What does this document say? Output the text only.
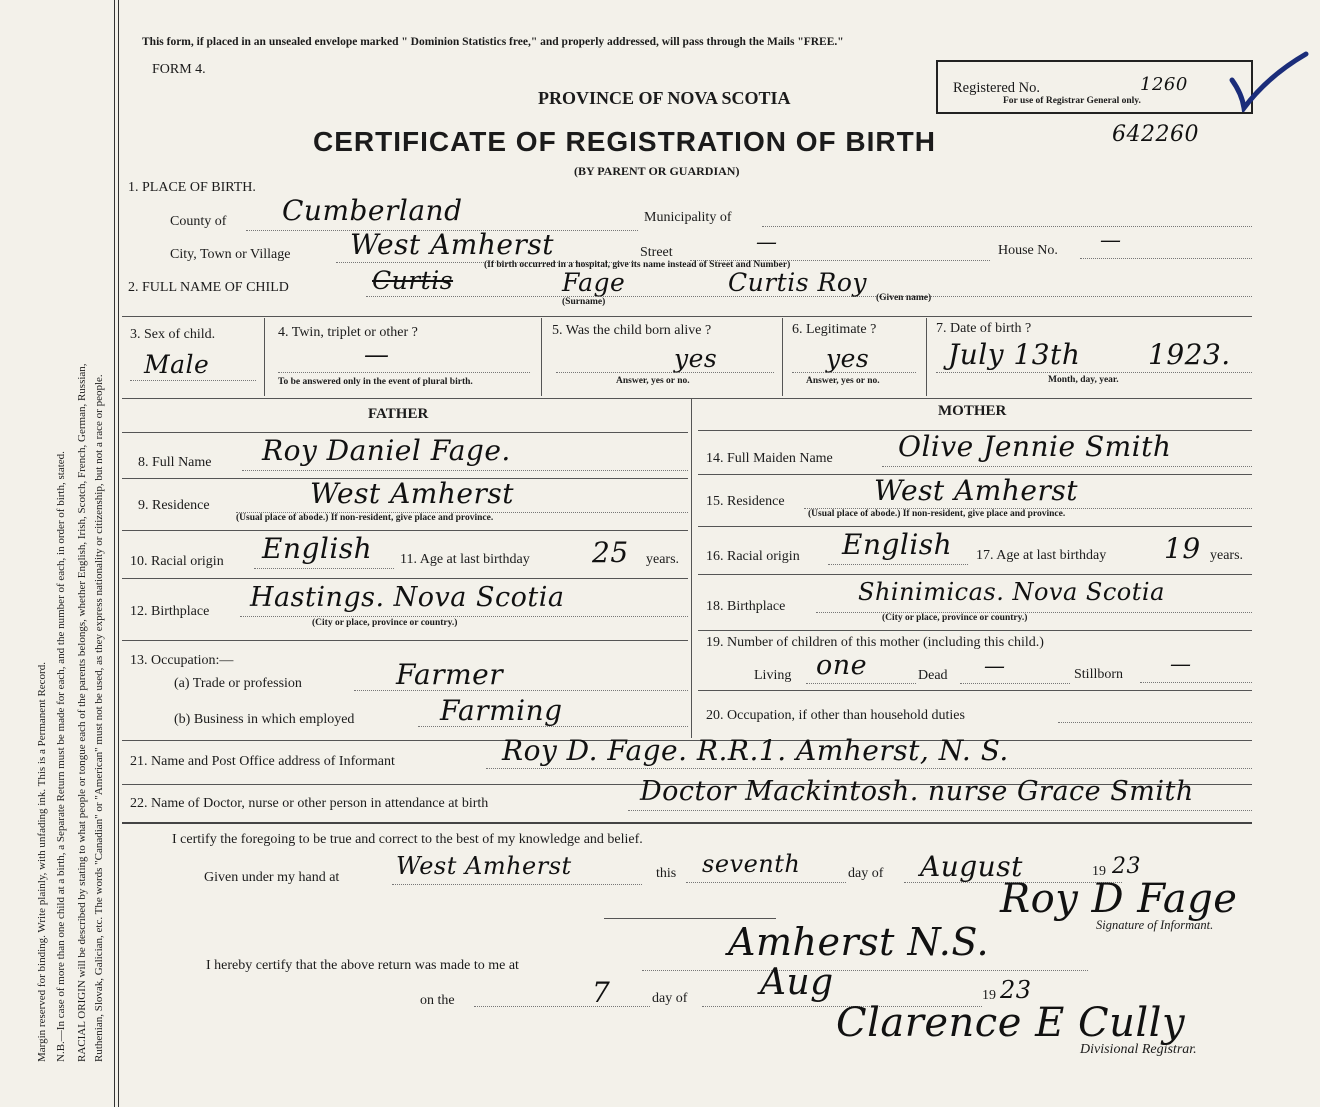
Margin reserved for binding. Write plainly, with unfading ink. This is a Permanent Record. N.B.—In case of more than one child at a birth, a Separate Return must be made for each, and the number of each, in order of birth, stated. RACIAL ORIGIN will be described by stating to what people or tongue each of the parents belongs, whether English, Irish, Scotch, French, German, Russian, Ruthenian, Slovak, Galician, etc. The words "Canadian" or "American" must not be used, as they express nationality or citizenship, but not a race or people.
This form, if placed in an unsealed envelope marked " Dominion Statistics free," and properly addressed, will pass through the Mails "FREE."
FORM 4.
PROVINCE OF NOVA SCOTIA
CERTIFICATE OF REGISTRATION OF BIRTH
(BY PARENT OR GUARDIAN)
Registered No.	1260
For use of Registrar General only.
642260
1. PLACE OF BIRTH.
County of Cumberland	Municipality of
City, Town or Village West Amherst	Street	—	House No. —
(If birth occurred in a hospital, give its name instead of Street and Number)
2. FULL NAME OF CHILD	Curtis	Fage
(Surname)
Curtis Roy
(Given name)
3. Sex of child.
Male
4. Twin, triplet or other ?
—
To be answered only in the event of plural birth.
5. Was the child born alive ?
yes
Answer, yes or no.
6. Legitimate ?
yes
Answer, yes or no.
7. Date of birth ?
July 13th 1923.
Month, day, year.
FATHER
8. Full Name Roy Daniel Fage.
9. Residence	West Amherst
(Usual place of abode.) If non-resident, give place and province.
10. Racial origin English 11. Age at last birthday 25 years.
12. Birthplace Hastings. Nova Scotia
(City or place, province or country.)
13. Occupation:—
(a) Trade or profession	Farmer
(b) Business in which employed	Farming
MOTHER
14. Full Maiden Name Olive Jennie Smith
15. Residence	West Amherst
(Usual place of abode.) If non-resident, give place and province.
16. Racial origin English 17. Age at last birthday 19 years.
18. Birthplace
Shinimicas. Nova Scotia
(City or place, province or country.)
19. Number of children of this mother (including this child.)
Living one	Dead —	Stillborn —
20. Occupation, if other than household duties
21. Name and Post Office address of Informant	Roy D. Fage. R.R.1. Amherst, N. S.
22. Name of Doctor, nurse or other person in attendance at birth	Doctor Mackintosh. nurse Grace Smith
I certify the foregoing to be true and correct to the best of my knowledge and belief.
Given under my hand at West Amherst	this seventh	day of August	19 23
Roy D Fage
Signature of Informant.
I hereby certify that the above return was made to me at
Amherst N.S.
on the	7	day of Aug	19 23
Clarence E Cully
Divisional Registrar.
